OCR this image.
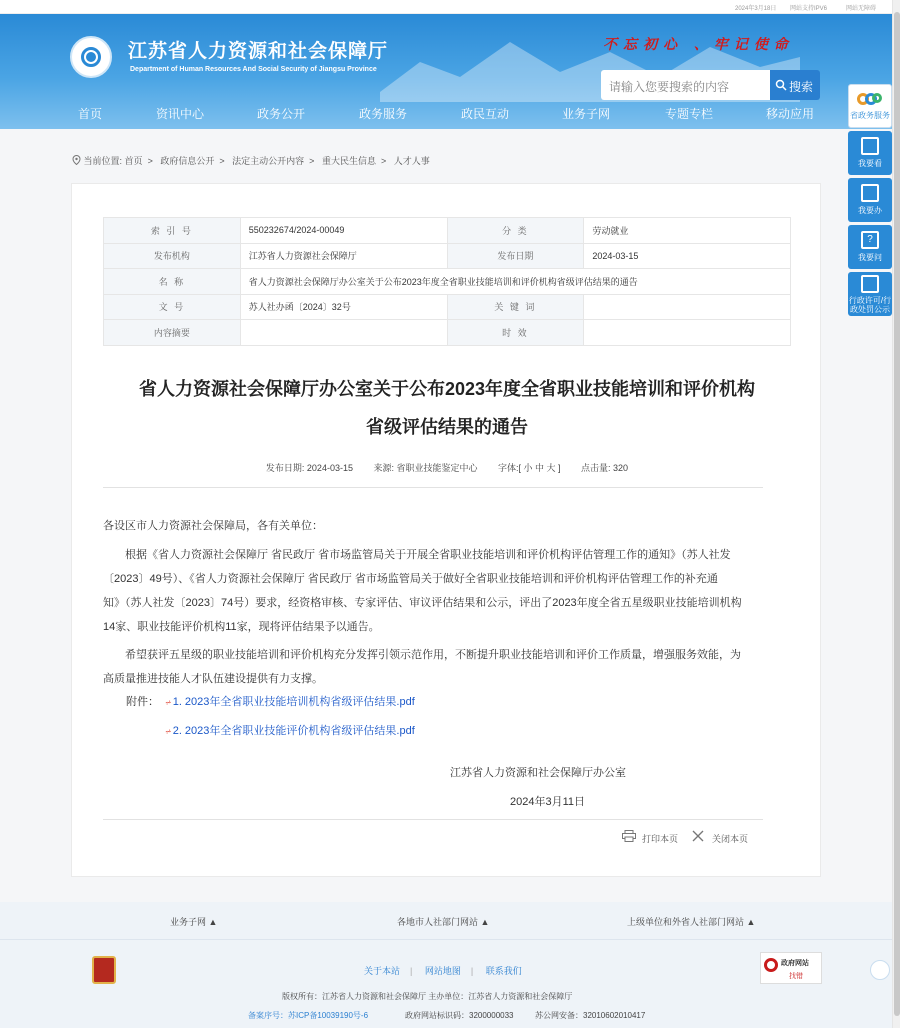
2024年3月18日 网站支持IPV6	网站无障碍
江苏省人力资源和社会保障厅
Department of Human Resources And Social Security of Jiangsu Province
不忘初心 、牢记使命
请输入您要搜索的内容	搜索
首页	资讯中心	政务公开	政务服务	政民互动	业务子网	专题专栏	移动应用	省政务服务
我要看
我要办
?
我要问
行政许可/行
政处罚公示
当前位置: 首页 > 政府信息公开 > 法定主动公开内容 > 重大民生信息 > 人才人事
索 引 号	550232674/2024-00049	分 类	劳动就业
发布机构	江苏省人力资源社会保障厅	发布日期	2024-03-15
名 称	省人力资源社会保障厅办公室关于公布2023年度全省职业技能培训和评价机构省级评估结果的通告		
文 号	苏人社办函〔2024〕32号	关 键 词	
内容摘要		时 效	
省人力资源社会保障厅办公室关于公布2023年度全省职业技能培训和评价机构
省级评估结果的通告
发布日期: 2024-03-15 来源: 省职业技能鉴定中心 字体:[ 小 中 大 ] 点击量: 320

各设区市人力资源社会保障局，各有关单位：

根据《省人力资源社会保障厅 省民政厅 省市场监管局关于开展全省职业技能培训和评价机构评估管理工作的通知》（苏人社发

〔2023〕49号）、《省人力资源社会保障厅 省民政厅 省市场监管局关于做好全省职业技能培训和评价机构评估管理工作的补充通

知》（苏人社发〔2023〕74号）要求，经资格审核、专家评估、审议评估结果和公示，评出了2023年度全省五星级职业技能培训机构

14家、职业技能评价机构11家，现将评估结果予以通告。

希望获评五星级的职业技能培训和评价机构充分发挥引领示范作用，不断提升职业技能培训和评价工作质量，增强服务效能，为

高质量推进技能人才队伍建设提供有力支撑。

附件： ⩫1. 2023年全省职业技能培训机构省级评估结果.pdf
⩫2. 2023年全省职业技能评价机构省级评估结果.pdf
江苏省人力资源和社会保障厅办公室
2024年3月11日
打印本页	关闭本页
业务子网 ▲	各地市人社部门网站 ▲	上级单位和外省人社部门网站 ▲
关于本站 | 网站地图 | 联系我们
政府网站
找错
版权所有：江苏省人力资源和社会保障厅 主办单位：江苏省人力资源和社会保障厅
备案序号：苏ICP备10039190号-6	政府网站标识码：3200000033	苏公网安备：32010602010417
